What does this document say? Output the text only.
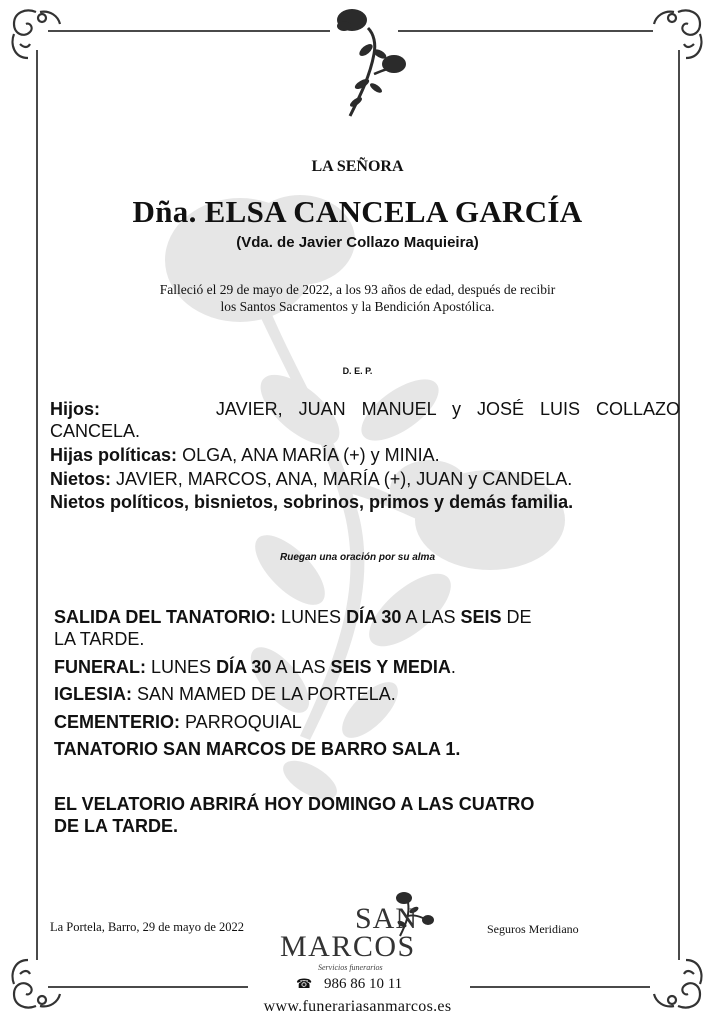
LA SEÑORA
Dña. ELSA CANCELA GARCÍA
(Vda. de Javier Collazo Maquieira)
Falleció el 29 de mayo de 2022, a los 93 años de edad, después de recibir
los Santos Sacramentos y la Bendición Apostólica.
D. E. P.
Hijos:	JAVIER, JUAN MANUEL y JOSÉ LUIS COLLAZO
CANCELA.
Hijas políticas: OLGA, ANA MARÍA (+) y MINIA.
Nietos: JAVIER, MARCOS, ANA, MARÍA (+), JUAN y CANDELA.
Nietos políticos, bisnietos, sobrinos, primos y demás familia.
Ruegan una oración por su alma
SALIDA DEL TANATORIO: LUNES DÍA 30 A LAS SEIS DE
LA TARDE.
FUNERAL: LUNES DÍA 30 A LAS SEIS Y MEDIA.
IGLESIA: SAN MAMED DE LA PORTELA.
CEMENTERIO: PARROQUIAL
TANATORIO SAN MARCOS DE BARRO SALA 1.
EL VELATORIO ABRIRÁ HOY DOMINGO A LAS CUATRO
DE LA TARDE.
La Portela, Barro, 29 de mayo de 2022	Seguros Meridiano
SAN
MARCOS
Servicios funerarios
☎ 986 86 10 11
www.funerariasanmarcos.es
